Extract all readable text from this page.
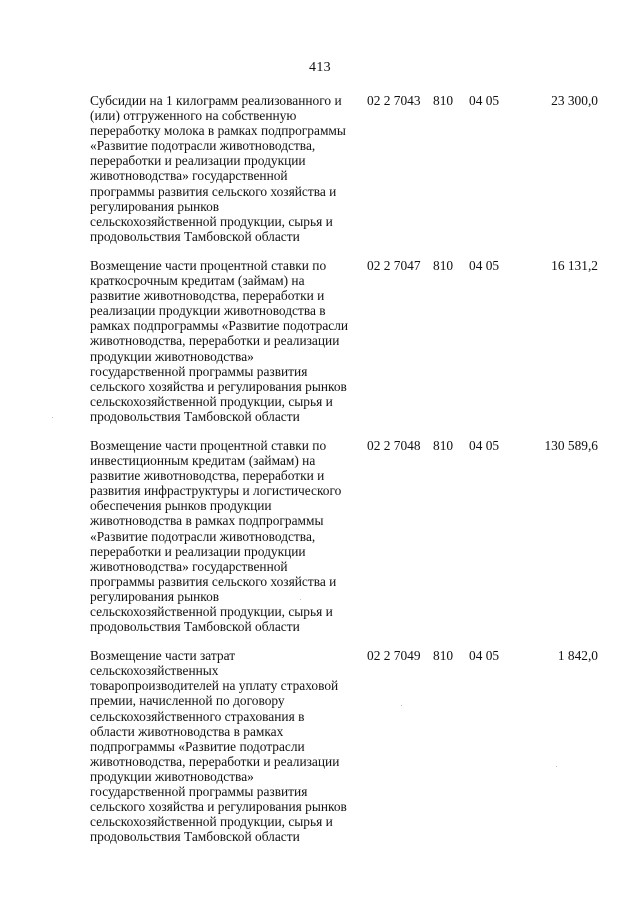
413
Субсидии на 1 килограмм реализованного и
(или) отгруженного на собственную
переработку молока в рамках подпрограммы
«Развитие подотрасли животноводства,
переработки и реализации продукции
животноводства» государственной
программы развития сельского хозяйства и
регулирования рынков
сельскохозяйственной продукции, сырья и
продовольствия Тамбовской области
02 2 7043 810 04 05	23 300,0
Возмещение части процентной ставки по
краткосрочным кредитам (займам) на
развитие животноводства, переработки и
реализации продукции животноводства в
рамках подпрограммы «Развитие подотрасли
животноводства, переработки и реализации
продукции животноводства»
государственной программы развития
сельского хозяйства и регулирования рынков
сельскохозяйственной продукции, сырья и
продовольствия Тамбовской области
02 2 7047 810 04 05	16 131,2
Возмещение части процентной ставки по
инвестиционным кредитам (займам) на
развитие животноводства, переработки и
развития инфраструктуры и логистического
обеспечения рынков продукции
животноводства в рамках подпрограммы
«Развитие подотрасли животноводства,
переработки и реализации продукции
животноводства» государственной
программы развития сельского хозяйства и
регулирования рынков
сельскохозяйственной продукции, сырья и
продовольствия Тамбовской области
02 2 7048 810 04 05	130 589,6
Возмещение части затрат
сельскохозяйственных
товаропроизводителей на уплату страховой
премии, начисленной по договору
сельскохозяйственного страхования в
области животноводства в рамках
подпрограммы «Развитие подотрасли
животноводства, переработки и реализации
продукции животноводства»
государственной программы развития
сельского хозяйства и регулирования рынков
сельскохозяйственной продукции, сырья и
продовольствия Тамбовской области
02 2 7049 810 04 05	1 842,0
